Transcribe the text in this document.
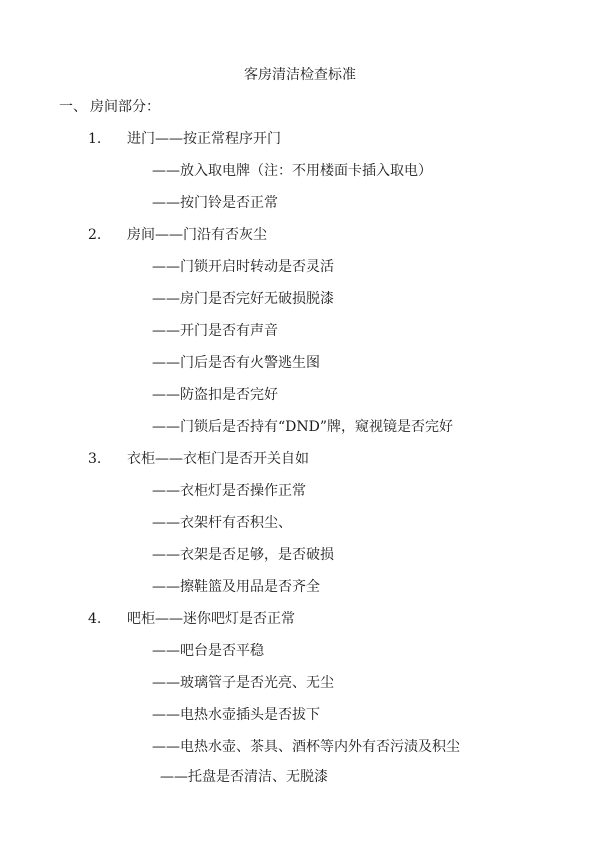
客房清洁检查标准
一、 房间部分：
1. 进门——按正常程序开门
——放入取电牌（注：不用楼面卡插入取电）
——按门铃是否正常
2. 房间——门沿有否灰尘
——门锁开启时转动是否灵活
——房门是否完好无破损脱漆
——开门是否有声音
——门后是否有火警逃生图
——防盗扣是否完好
——门锁后是否持有“DND”牌，窥视镜是否完好
3. 衣柜——衣柜门是否开关自如
——衣柜灯是否操作正常
——衣架杆有否积尘、
——衣架是否足够，是否破损
——擦鞋篮及用品是否齐全
4. 吧柜——迷你吧灯是否正常
——吧台是否平稳
——玻璃管子是否光亮、无尘
——电热水壶插头是否拔下
——电热水壶、茶具、酒杯等内外有否污渍及积尘
——托盘是否清洁、无脱漆
